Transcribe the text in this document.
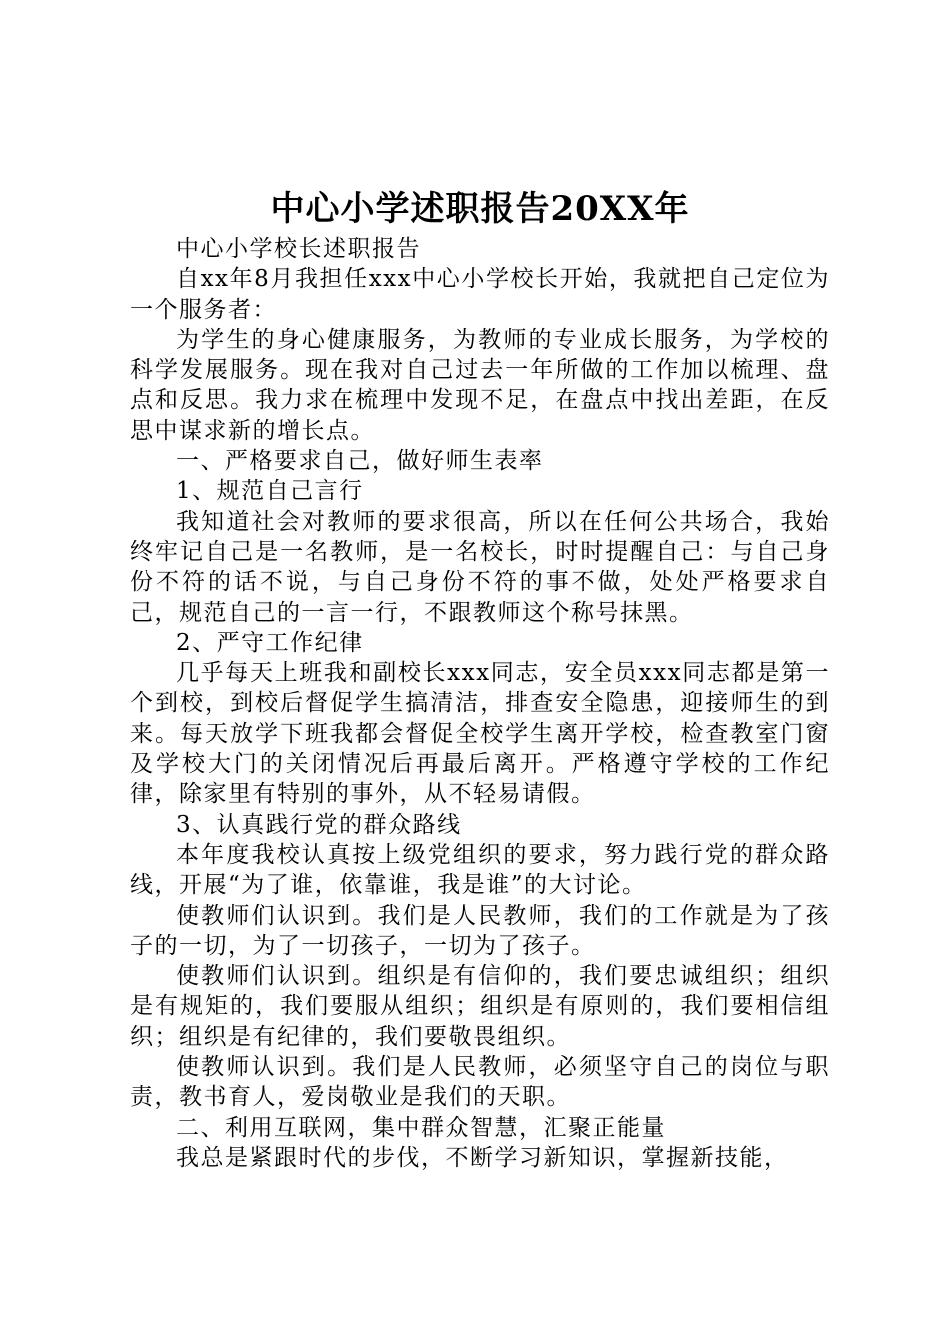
中心小学述职报告20XX年

中心小学校长述职报告

自xx年8月我担任xxx中心小学校长开始，我就把自己定位为一个服务者：

为学生的身心健康服务，为教师的专业成长服务，为学校的科学发展服务。现在我对自己过去一年所做的工作加以梳理、盘点和反思。我力求在梳理中发现不足，在盘点中找出差距，在反思中谋求新的增长点。

一、严格要求自己，做好师生表率

1、规范自己言行

我知道社会对教师的要求很高，所以在任何公共场合，我始终牢记自己是一名教师，是一名校长，时时提醒自己：与自己身份不符的话不说，与自己身份不符的事不做，处处严格要求自己，规范自己的一言一行，不跟教师这个称号抹黑。

2、严守工作纪律

几乎每天上班我和副校长xxx同志，安全员xxx同志都是第一个到校，到校后督促学生搞清洁，排查安全隐患，迎接师生的到来。每天放学下班我都会督促全校学生离开学校，检查教室门窗及学校大门的关闭情况后再最后离开。严格遵守学校的工作纪律，除家里有特别的事外，从不轻易请假。

3、认真践行党的群众路线

本年度我校认真按上级党组织的要求，努力践行党的群众路线，开展“为了谁，依靠谁，我是谁”的大讨论。

使教师们认识到。我们是人民教师，我们的工作就是为了孩子的一切，为了一切孩子，一切为了孩子。

使教师们认识到。组织是有信仰的，我们要忠诚组织；组织是有规矩的，我们要服从组织；组织是有原则的，我们要相信组织；组织是有纪律的，我们要敬畏组织。

使教师认识到。我们是人民教师，必须坚守自己的岗位与职责，教书育人，爱岗敬业是我们的天职。

二、利用互联网，集中群众智慧，汇聚正能量

我总是紧跟时代的步伐，不断学习新知识，掌握新技能，
